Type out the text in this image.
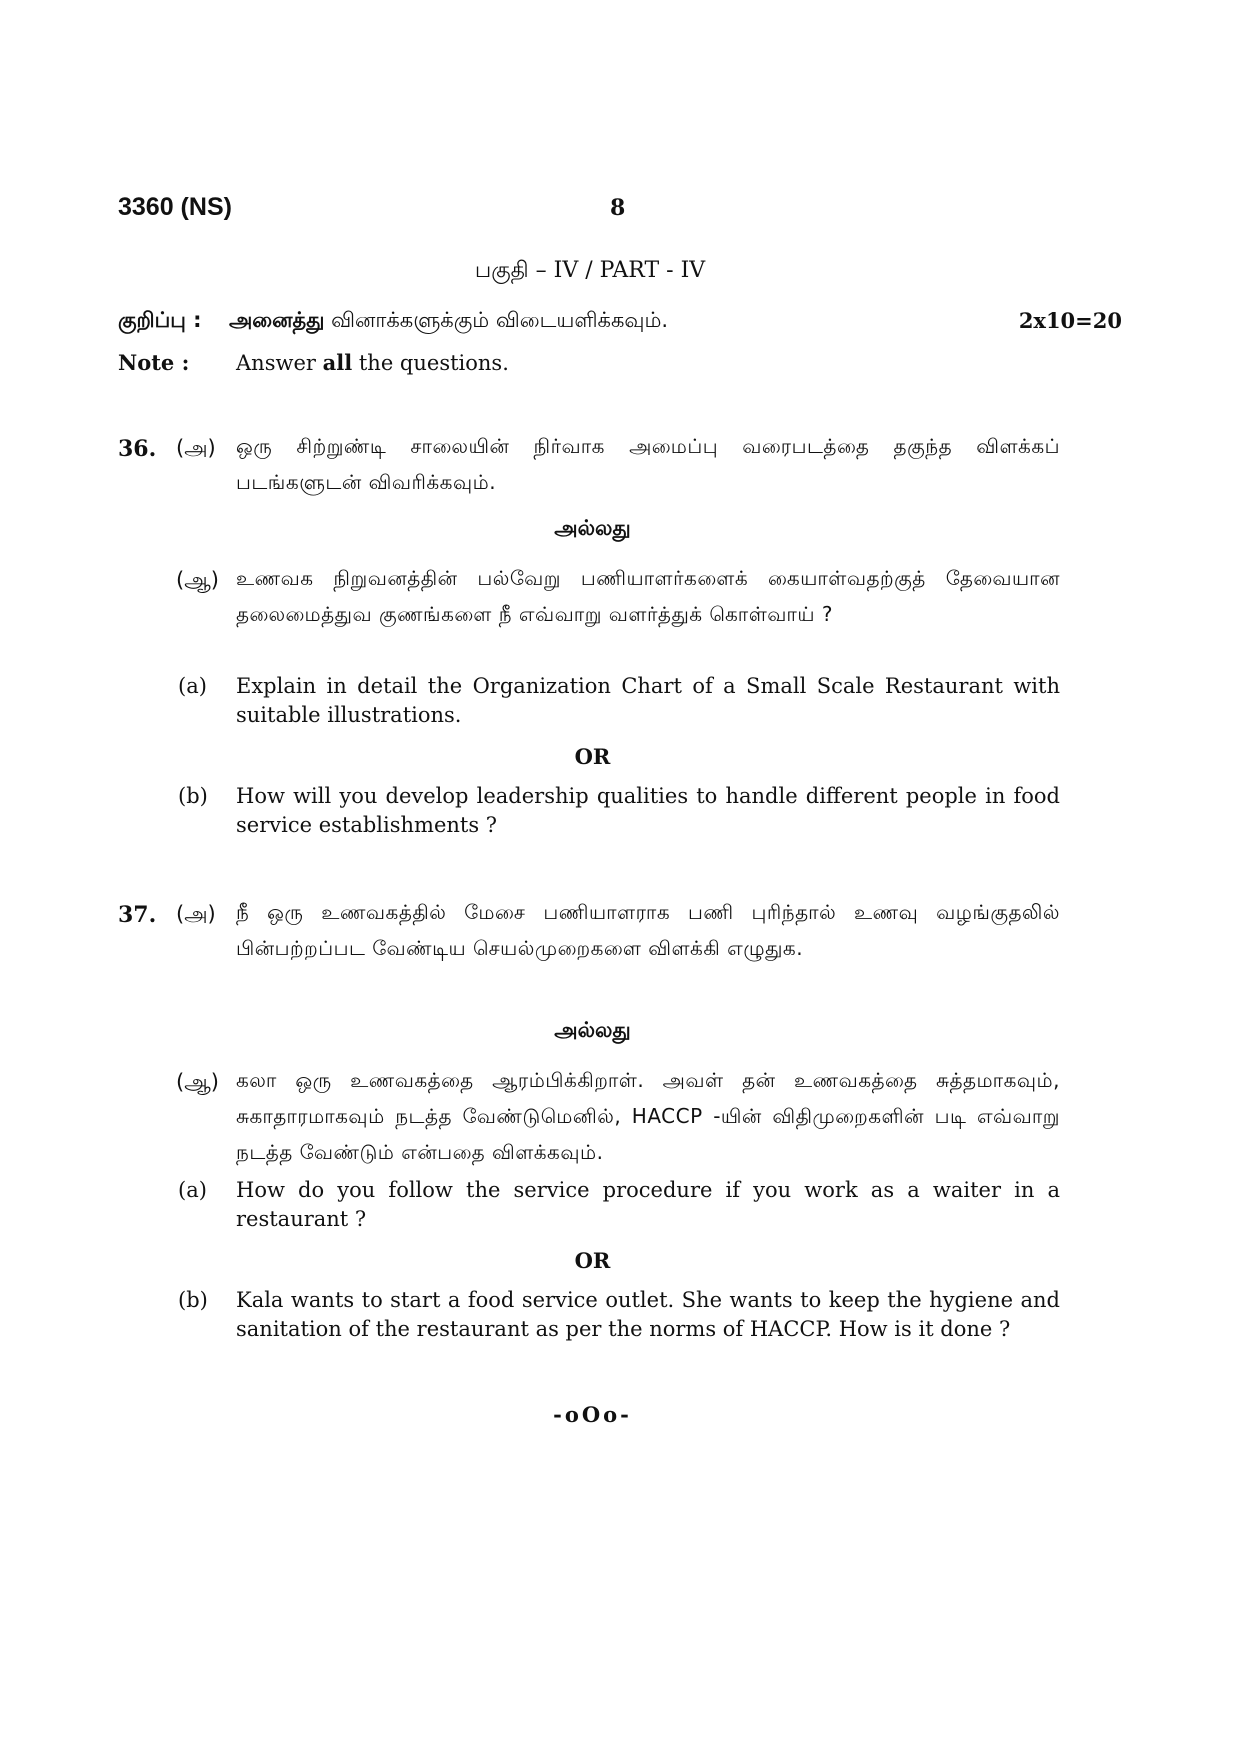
3360 (NS)	8
பகுதி – IV / PART - IV
குறிப்பு : அனைத்து வினாக்களுக்கும் விடையளிக்கவும்.	2x10=20
Note : Answer all the questions.
36. (அ) ஒரு சிற்றுண்டி சாலையின் நிர்வாக அமைப்பு வரைபடத்தை தகுந்த விளக்கப் படங்களுடன் விவரிக்கவும்.
அல்லது
(ஆ) உணவக நிறுவனத்தின் பல்வேறு பணியாளர்களைக் கையாள்வதற்குத் தேவையான தலைமைத்துவ குணங்களை நீ எவ்வாறு வளர்த்துக் கொள்வாய் ?
(a) Explain in detail the Organization Chart of a Small Scale Restaurant with suitable illustrations.
OR
(b) How will you develop leadership qualities to handle different people in food service establishments ?
37. (அ) நீ ஒரு உணவகத்தில் மேசை பணியாளராக பணி புரிந்தால் உணவு வழங்குதலில் பின்பற்றப்பட வேண்டிய செயல்முறைகளை விளக்கி எழுதுக.
அல்லது
(ஆ) கலா ஒரு உணவகத்தை ஆரம்பிக்கிறாள். அவள் தன் உணவகத்தை சுத்தமாகவும், சுகாதாரமாகவும் நடத்த வேண்டுமெனில், HACCP -யின் விதிமுறைகளின் படி எவ்வாறு நடத்த வேண்டும் என்பதை விளக்கவும்.
(a) How do you follow the service procedure if you work as a waiter in a restaurant ?
OR
(b) Kala wants to start a food service outlet. She wants to keep the hygiene and sanitation of the restaurant as per the norms of HACCP. How is it done ?
-oOo-
